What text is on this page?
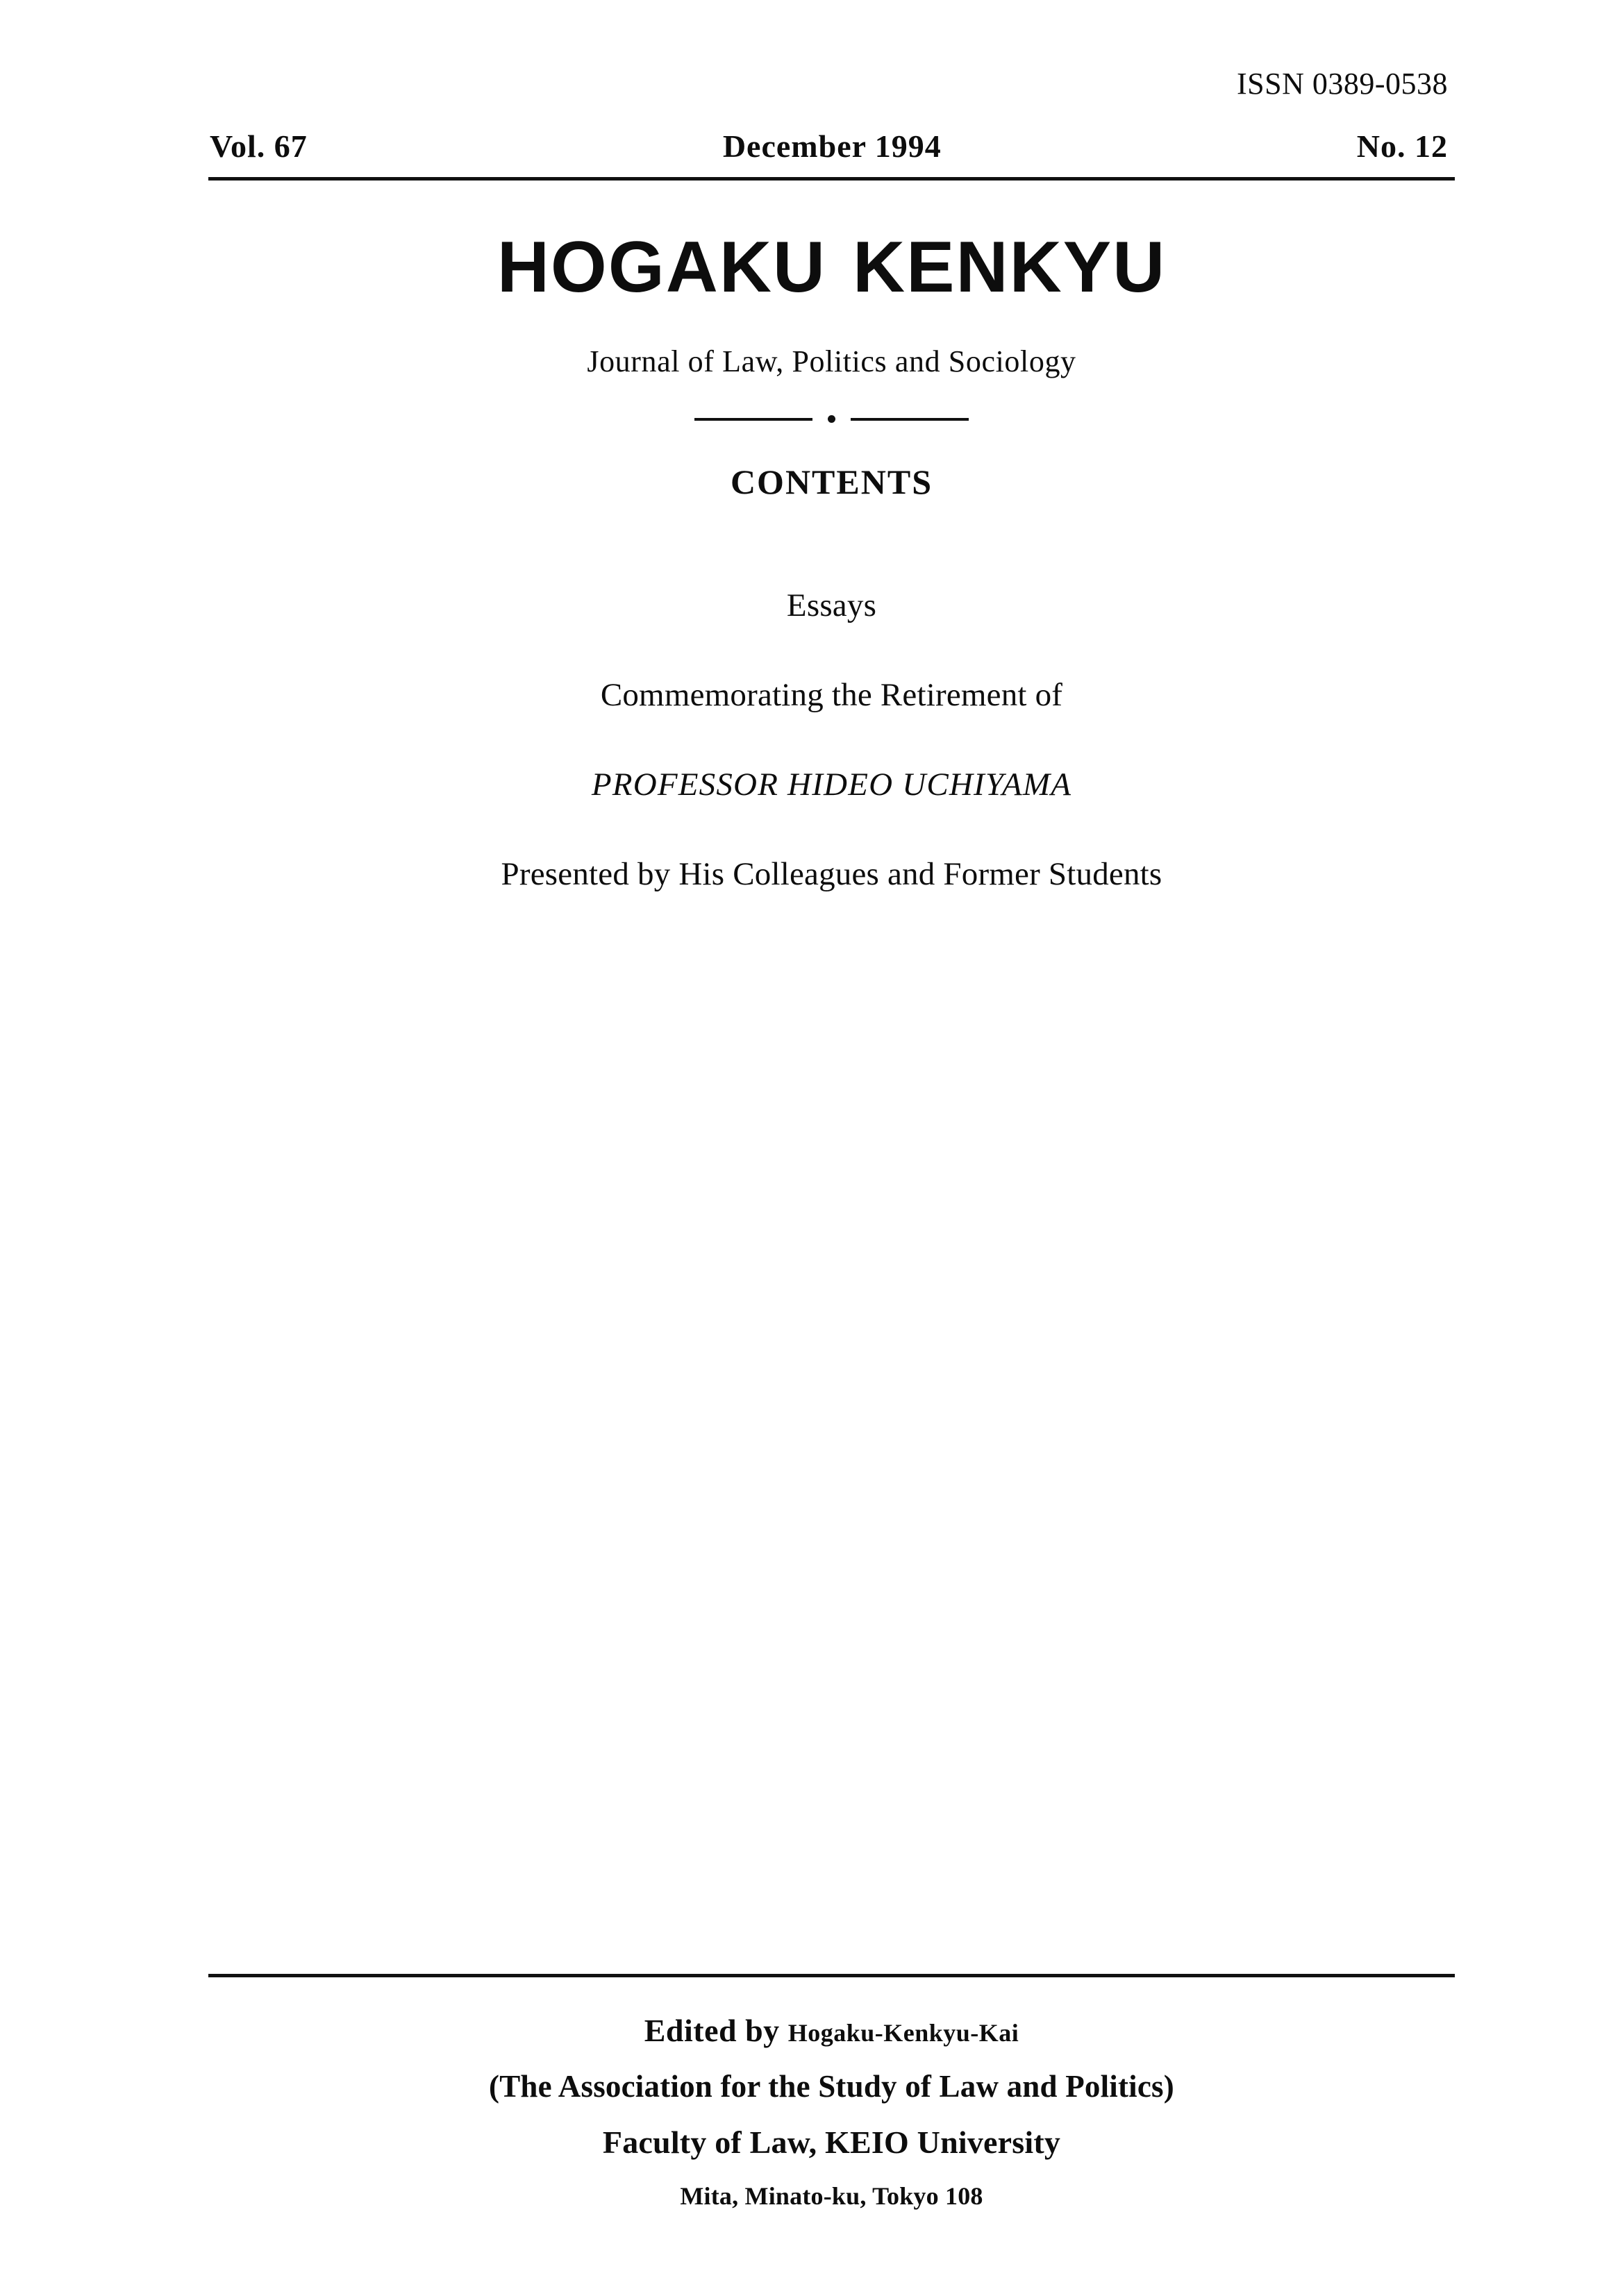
ISSN 0389-0538
Vol. 67	December 1994	No. 12
HOGAKU KENKYU
Journal of Law, Politics and Sociology
CONTENTS
Essays
Commemorating the Retirement of
PROFESSOR HIDEO UCHIYAMA
Presented by His Colleagues and Former Students
Edited by Hogaku-Kenkyu-Kai
(The Association for the Study of Law and Politics)
Faculty of Law, KEIO University
Mita, Minato-ku, Tokyo 108
